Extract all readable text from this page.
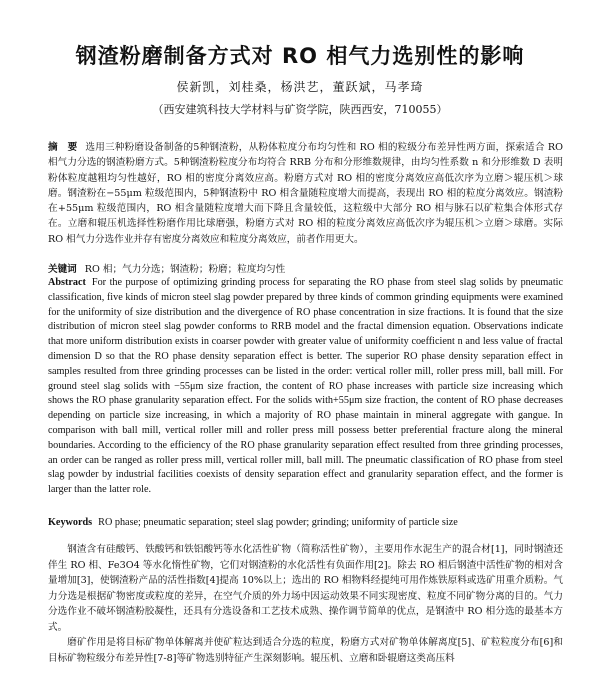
钢渣粉磨制备方式对 RO 相气力选别性的影响
侯新凯，刘桂桑，杨洪艺，董跃斌，马孝琦
（西安建筑科技大学材料与矿资学院，陕西西安，710055）
摘　要 选用三种粉磨设备制备的5种钢渣粉，从粉体粒度分布均匀性和 RO 相的粒级分布差异性两方面，探索适合 RO 相气力分选的钢渣粉磨方式。5种钢渣粉粒度分布均符合 RRB 分布和分形维数规律，由均匀性系数 n 和分形维数 D 表明粉体粒度越粗均匀性越好，RO 相的密度分离效应高。粉磨方式对 RO 相的密度分离效应高低次序为立磨＞辊压机＞球磨。钢渣粉在−55μm 粒级范围内，5种钢渣粉中 RO 相含量随粒度增大而提高，表现出 RO 相的粒度分离效应。钢渣粉在+55μm 粒级范围内，RO 相含量随粒度增大而下降且含量较低，这粒级中大部分 RO 相与脉石以矿粒集合体形式存在。立磨和辊压机选择性粉磨作用比球磨强，粉磨方式对 RO 相的粒度分离效应高低次序为辊压机＞立磨＞球磨。实际 RO 相气力分选作业并存有密度分离效应和粒度分离效应，前者作用更大。
关键词 RO 相；气力分选；钢渣粉；粉磨；粒度均匀性
Abstract For the purpose of optimizing grinding process for separating the RO phase from steel slag solids by pneumatic classification, five kinds of micron steel slag powder prepared by three kinds of common grinding equipments were examined for the uniformity of size distribution and the divergence of RO phase concentration in size fractions. It is found that the size distribution of micron steel slag powder conforms to RRB model and the fractal dimension equation. Observations indicate that more uniform distribution exists in coarser powder with greater value of uniformity coefficient n and less value of fractal dimension D so that the RO phase density separation effect is better. The superior RO phase density separation effect in samples resulted from three grinding processes can be listed in the order: vertical roller mill, roller press mill, ball mill. For ground steel slag solids with −55μm size fraction, the content of RO phase increases with particle size increasing which shows the RO phase granularity separation effect. For the solids with+55μm size fraction, the content of RO phase decreases depending on particle size increasing, in which a majority of RO phase maintain in mineral aggregate with gangue. In comparison with ball mill, vertical roller mill and roller press mill possess better preferential fracture along the mineral boundaries. According to the efficiency of the RO phase granularity separation effect resulted from three grinding processes, an order can be ranged as roller press mill, vertical roller mill, ball mill. The pneumatic classification of RO phase from steel slag powder by industrial facilities coexists of density separation effect and granularity separation effect, and the former is larger than the latter role.
Keywords RO phase; pneumatic separation; steel slag powder; grinding; uniformity of particle size
钢渣含有硅酸钙、铁酸钙和铁铝酸钙等水化活性矿物（简称活性矿物），主要用作水泥生产的混合材[1]，同时钢渣还伴生 RO 相、Fe3O4 等水化惰性矿物，它们对钢渣粉的水化活性有负面作用[2]。除去 RO 相后钢渣中活性矿物的相对含量增加[3]，使钢渣粉产品的活性指数[4]提高 10%以上；选出的 RO 相物料经提纯可用作炼铁原料或选矿用重介质粉。气力分选是根据矿物密度或粒度的差异，在空气介质的外力场中因运动效果不同实现密度、粒度不同矿物分离的目的。气力分选作业不破坏钢渣粉胶凝性，还具有分选设备和工艺技术成熟、操作调节简单的优点，是钢渣中 RO 相分选的最基本方式。
磨矿作用是将目标矿物单体解离并使矿粒达到适合分选的粒度，粉磨方式对矿物单体解离度[5]、矿粒粒度分布[6]和目标矿物粒级分布差异性[7-8]等矿物选别特征产生深刻影响。辊压机、立磨和卧辊磨这类高压料
